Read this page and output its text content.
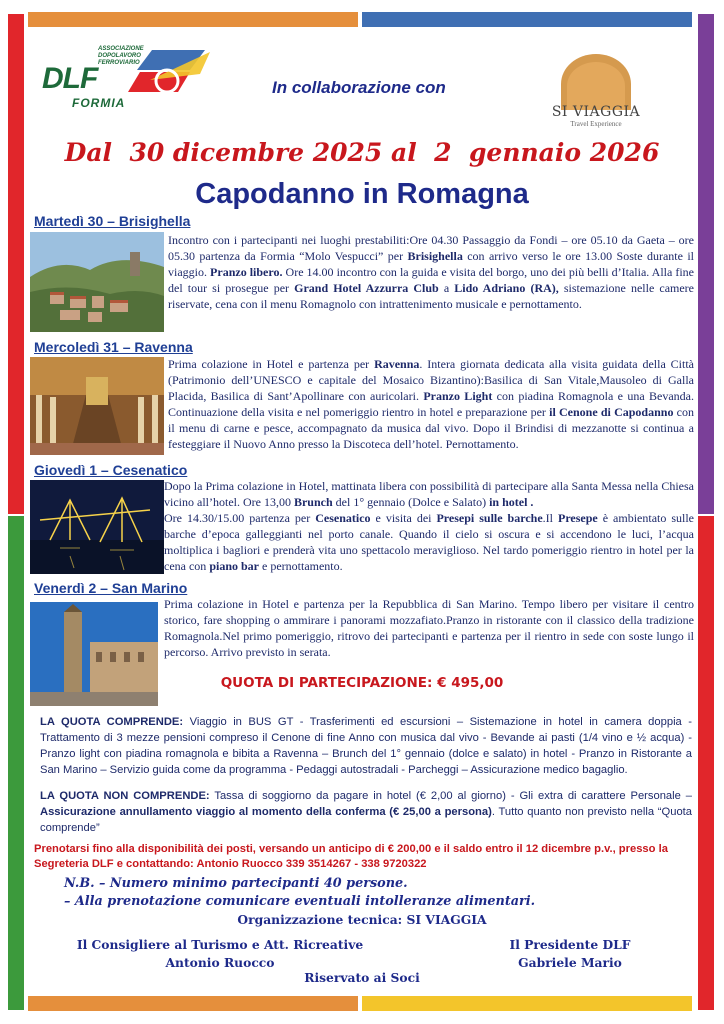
ASSOCIAZIONE
DOPOLAVORO
FERROVIARIO
DLF
FORMIA
In collaborazione con
SI VIAGGIA
Travel Experience
Dal  30 dicembre 2025 al  2  gennaio 2026
Capodanno in Romagna
Martedì 30 – Brisighella
Incontro con i partecipanti nei luoghi prestabiliti:Ore 04.30 Passaggio da Fondi – ore 05.10 da Gaeta – ore 05.30 partenza da Formia “Molo Vespucci” per Brisighella con arrivo verso le ore 13.00 Soste durante il viaggio. Pranzo libero. Ore 14.00 incontro con la guida e visita del borgo, uno dei più belli d’Italia. Alla fine del tour si prosegue per Grand Hotel Azzurra Club a Lido Adriano (RA), sistemazione nelle camere riservate, cena con il menu Romagnolo con intrattenimento musicale e pernottamento.
Mercoledì 31 – Ravenna
Prima colazione in Hotel e partenza per Ravenna. Intera giornata dedicata alla visita guidata della Città (Patrimonio dell’UNESCO e capitale del Mosaico Bizantino):Basilica di San Vitale,Mausoleo di Galla Placida, Basilica di Sant’Apollinare con auricolari. Pranzo Light con piadina Romagnola e una Bevanda. Continuazione della visita e nel pomeriggio rientro in hotel e preparazione per il Cenone di Capodanno con il menu di carne e pesce, accompagnato da musica dal vivo. Dopo il Brindisi di mezzanotte si continua a festeggiare il Nuovo Anno presso la Discoteca dell’hotel. Pernottamento.
Giovedì 1 – Cesenatico
Dopo la Prima colazione in Hotel, mattinata libera con possibilità di partecipare alla Santa Messa nella Chiesa vicino all’hotel. Ore 13,00 Brunch del 1° gennaio (Dolce e Salato) in hotel .
Ore 14.30/15.00 partenza per Cesenatico e visita dei Presepi sulle barche.Il Presepe è ambientato sulle barche d’epoca galleggianti nel porto canale. Quando il cielo si oscura e si accendono le luci, l’acqua moltiplica i bagliori e prenderà vita uno spettacolo meraviglioso. Nel tardo pomeriggio rientro in hotel per la cena con piano bar e pernottamento.
Venerdì 2 – San Marino
Prima colazione in Hotel e partenza per la Repubblica di San Marino. Tempo libero per visitare il centro storico, fare shopping o ammirare i panorami mozzafiato.Pranzo in ristorante con il classico della tradizione Romagnola.Nel primo pomeriggio, ritrovo dei partecipanti e partenza per il rientro in sede con soste lungo il percorso. Arrivo previsto in serata.
QUOTA DI PARTECIPAZIONE: € 495,00
LA QUOTA COMPRENDE: Viaggio in BUS GT - Trasferimenti ed escursioni – Sistemazione in hotel in camera doppia - Trattamento di 3 mezze pensioni compreso il Cenone di fine Anno con musica dal vivo - Bevande ai pasti (1/4 vino e ½ acqua) -Pranzo light con piadina romagnola e bibita a Ravenna – Brunch del 1° gennaio (dolce e salato) in hotel - Pranzo in Ristorante a San Marino – Servizio guida come da programma - Pedaggi autostradali - Parcheggi – Assicurazione medico bagaglio.
LA QUOTA NON COMPRENDE: Tassa di soggiorno da pagare in hotel (€ 2,00 al giorno) - Gli extra di carattere Personale – Assicurazione annullamento viaggio al momento della conferma (€ 25,00 a persona). Tutto quanto non previsto nella “Quota comprende”
Prenotarsi fino alla disponibilità dei posti, versando un anticipo di € 200,00 e il saldo entro il 12 dicembre p.v., presso la Segreteria DLF e contattando: Antonio Ruocco 339 3514267 - 338 9720322
N.B. – Numero minimo partecipanti 40 persone.
– Alla prenotazione comunicare eventuali intolleranze alimentari.
Organizzazione tecnica: SI VIAGGIA
Il Consigliere al Turismo e Att. Ricreative
Antonio Ruocco
Il Presidente DLF
Gabriele Mario
Riservato ai Soci
